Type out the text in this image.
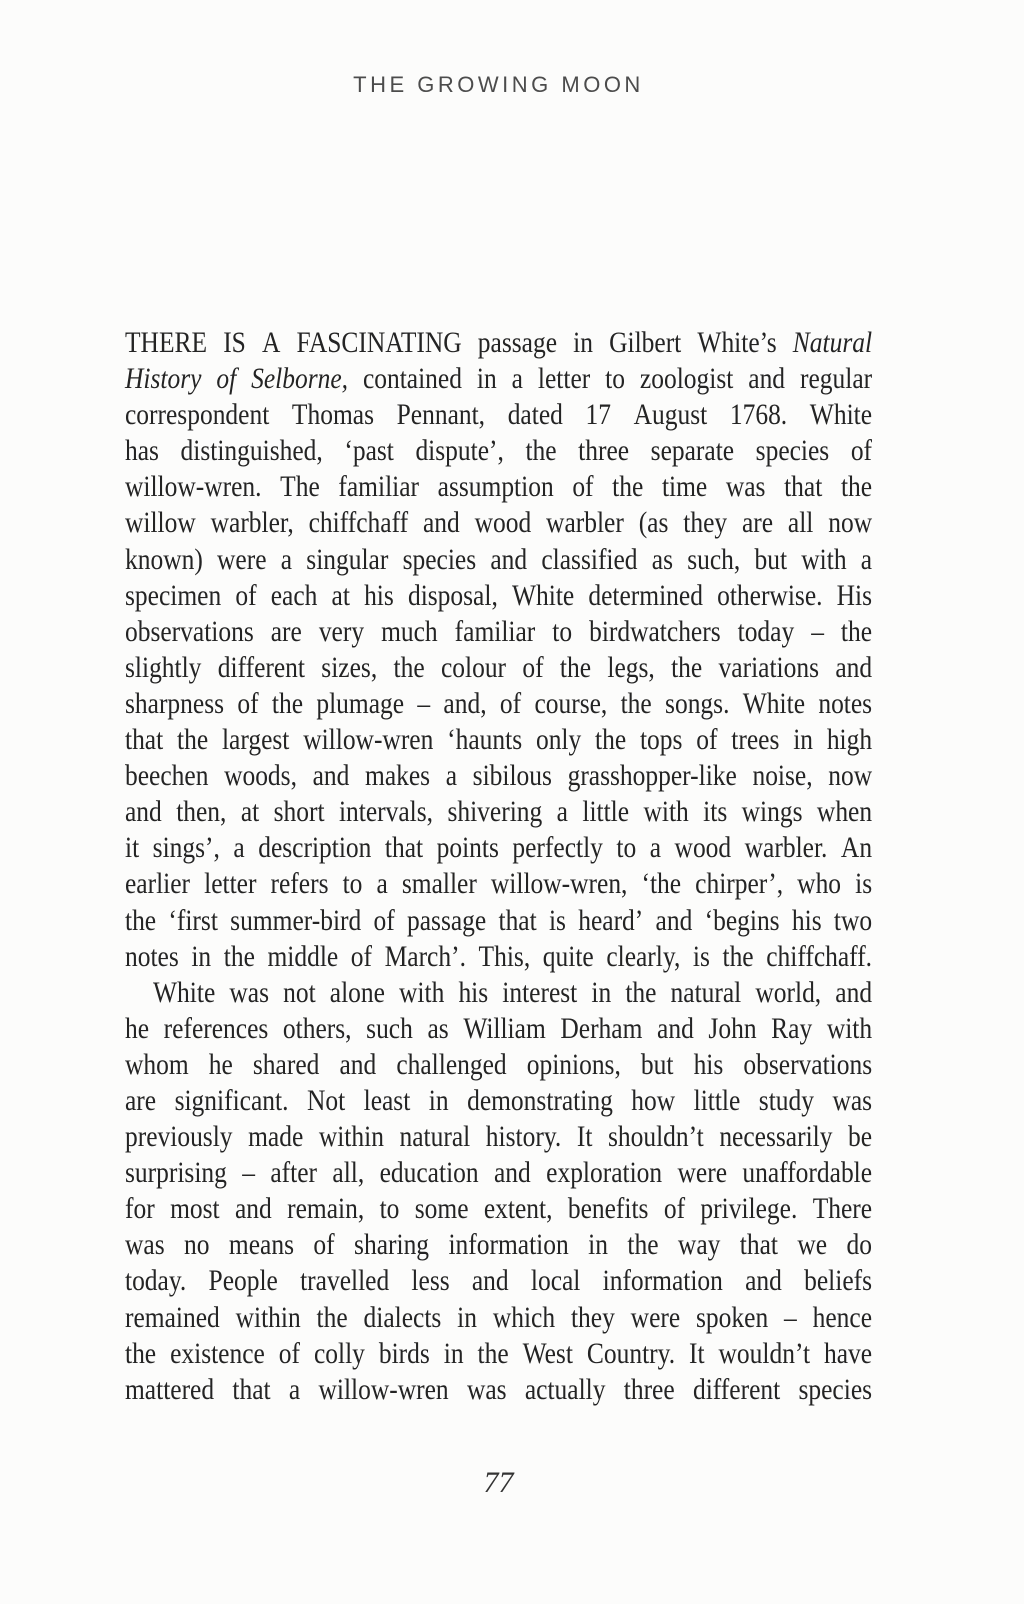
THE GROWING MOON
THERE IS A FASCINATING passage in Gilbert White’s Natural
History of Selborne, contained in a letter to zoologist and regular
correspondent Thomas Pennant, dated 17 August 1768. White
has distinguished, ‘past dispute’, the three separate species of
willow-wren. The familiar assumption of the time was that the
willow warbler, chiffchaff and wood warbler (as they are all now
known) were a singular species and classified as such, but with a
specimen of each at his disposal, White determined otherwise. His
observations are very much familiar to birdwatchers today – the
slightly different sizes, the colour of the legs, the variations and
sharpness of the plumage – and, of course, the songs. White notes
that the largest willow-wren ‘haunts only the tops of trees in high
beechen woods, and makes a sibilous grasshopper-like noise, now
and then, at short intervals, shivering a little with its wings when
it sings’, a description that points perfectly to a wood warbler. An
earlier letter refers to a smaller willow-wren, ‘the chirper’, who is
the ‘first summer-bird of passage that is heard’ and ‘begins his two
notes in the middle of March’. This, quite clearly, is the chiffchaff.
White was not alone with his interest in the natural world, and
he references others, such as William Derham and John Ray with
whom he shared and challenged opinions, but his observations
are significant. Not least in demonstrating how little study was
previously made within natural history. It shouldn’t necessarily be
surprising – after all, education and exploration were unaffordable
for most and remain, to some extent, benefits of privilege. There
was no means of sharing information in the way that we do
today. People travelled less and local information and beliefs
remained within the dialects in which they were spoken – hence
the existence of colly birds in the West Country. It wouldn’t have
mattered that a willow-wren was actually three different species
77
